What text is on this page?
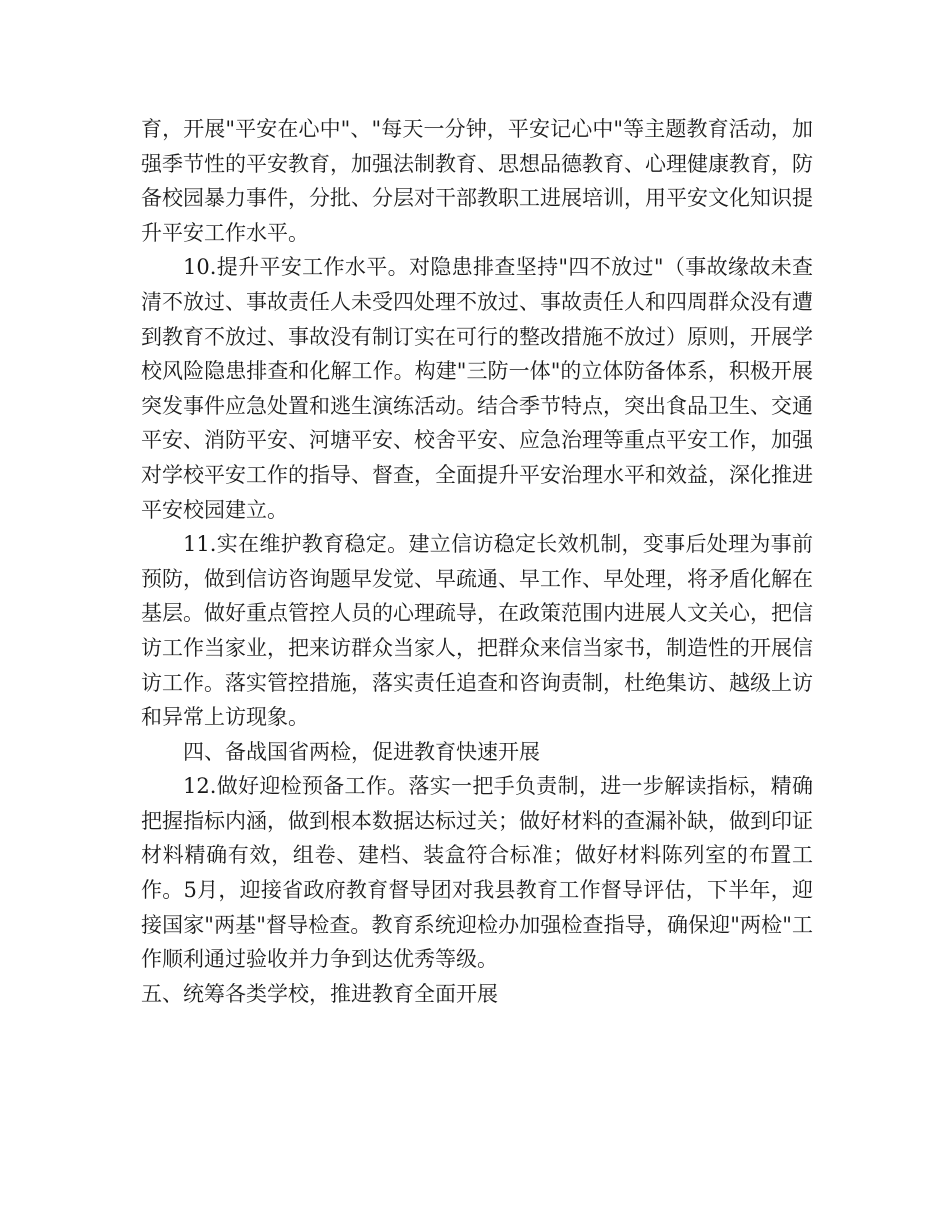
育，开展"平安在心中"、"每天一分钟，平安记心中"等主题教育活动，加强季节性的平安教育，加强法制教育、思想品德教育、心理健康教育，防备校园暴力事件，分批、分层对干部教职工进展培训，用平安文化知识提升平安工作水平。

10.提升平安工作水平。对隐患排查坚持"四不放过"（事故缘故未查清不放过、事故责任人未受四处理不放过、事故责任人和四周群众没有遭到教育不放过、事故没有制订实在可行的整改措施不放过）原则，开展学校风险隐患排查和化解工作。构建"三防一体"的立体防备体系，积极开展突发事件应急处置和逃生演练活动。结合季节特点，突出食品卫生、交通平安、消防平安、河塘平安、校舍平安、应急治理等重点平安工作，加强对学校平安工作的指导、督查，全面提升平安治理水平和效益，深化推进平安校园建立。

11.实在维护教育稳定。建立信访稳定长效机制，变事后处理为事前预防，做到信访咨询题早发觉、早疏通、早工作、早处理，将矛盾化解在基层。做好重点管控人员的心理疏导，在政策范围内进展人文关心，把信访工作当家业，把来访群众当家人，把群众来信当家书，制造性的开展信访工作。落实管控措施，落实责任追查和咨询责制，杜绝集访、越级上访和异常上访现象。

四、备战国省两检，促进教育快速开展

12.做好迎检预备工作。落实一把手负责制，进一步解读指标，精确把握指标内涵，做到根本数据达标过关；做好材料的查漏补缺，做到印证材料精确有效，组卷、建档、装盒符合标准；做好材料陈列室的布置工作。5月，迎接省政府教育督导团对我县教育工作督导评估，下半年，迎接国家"两基"督导检查。教育系统迎检办加强检查指导，确保迎"两检"工作顺利通过验收并力争到达优秀等级。

五、统筹各类学校，推进教育全面开展
